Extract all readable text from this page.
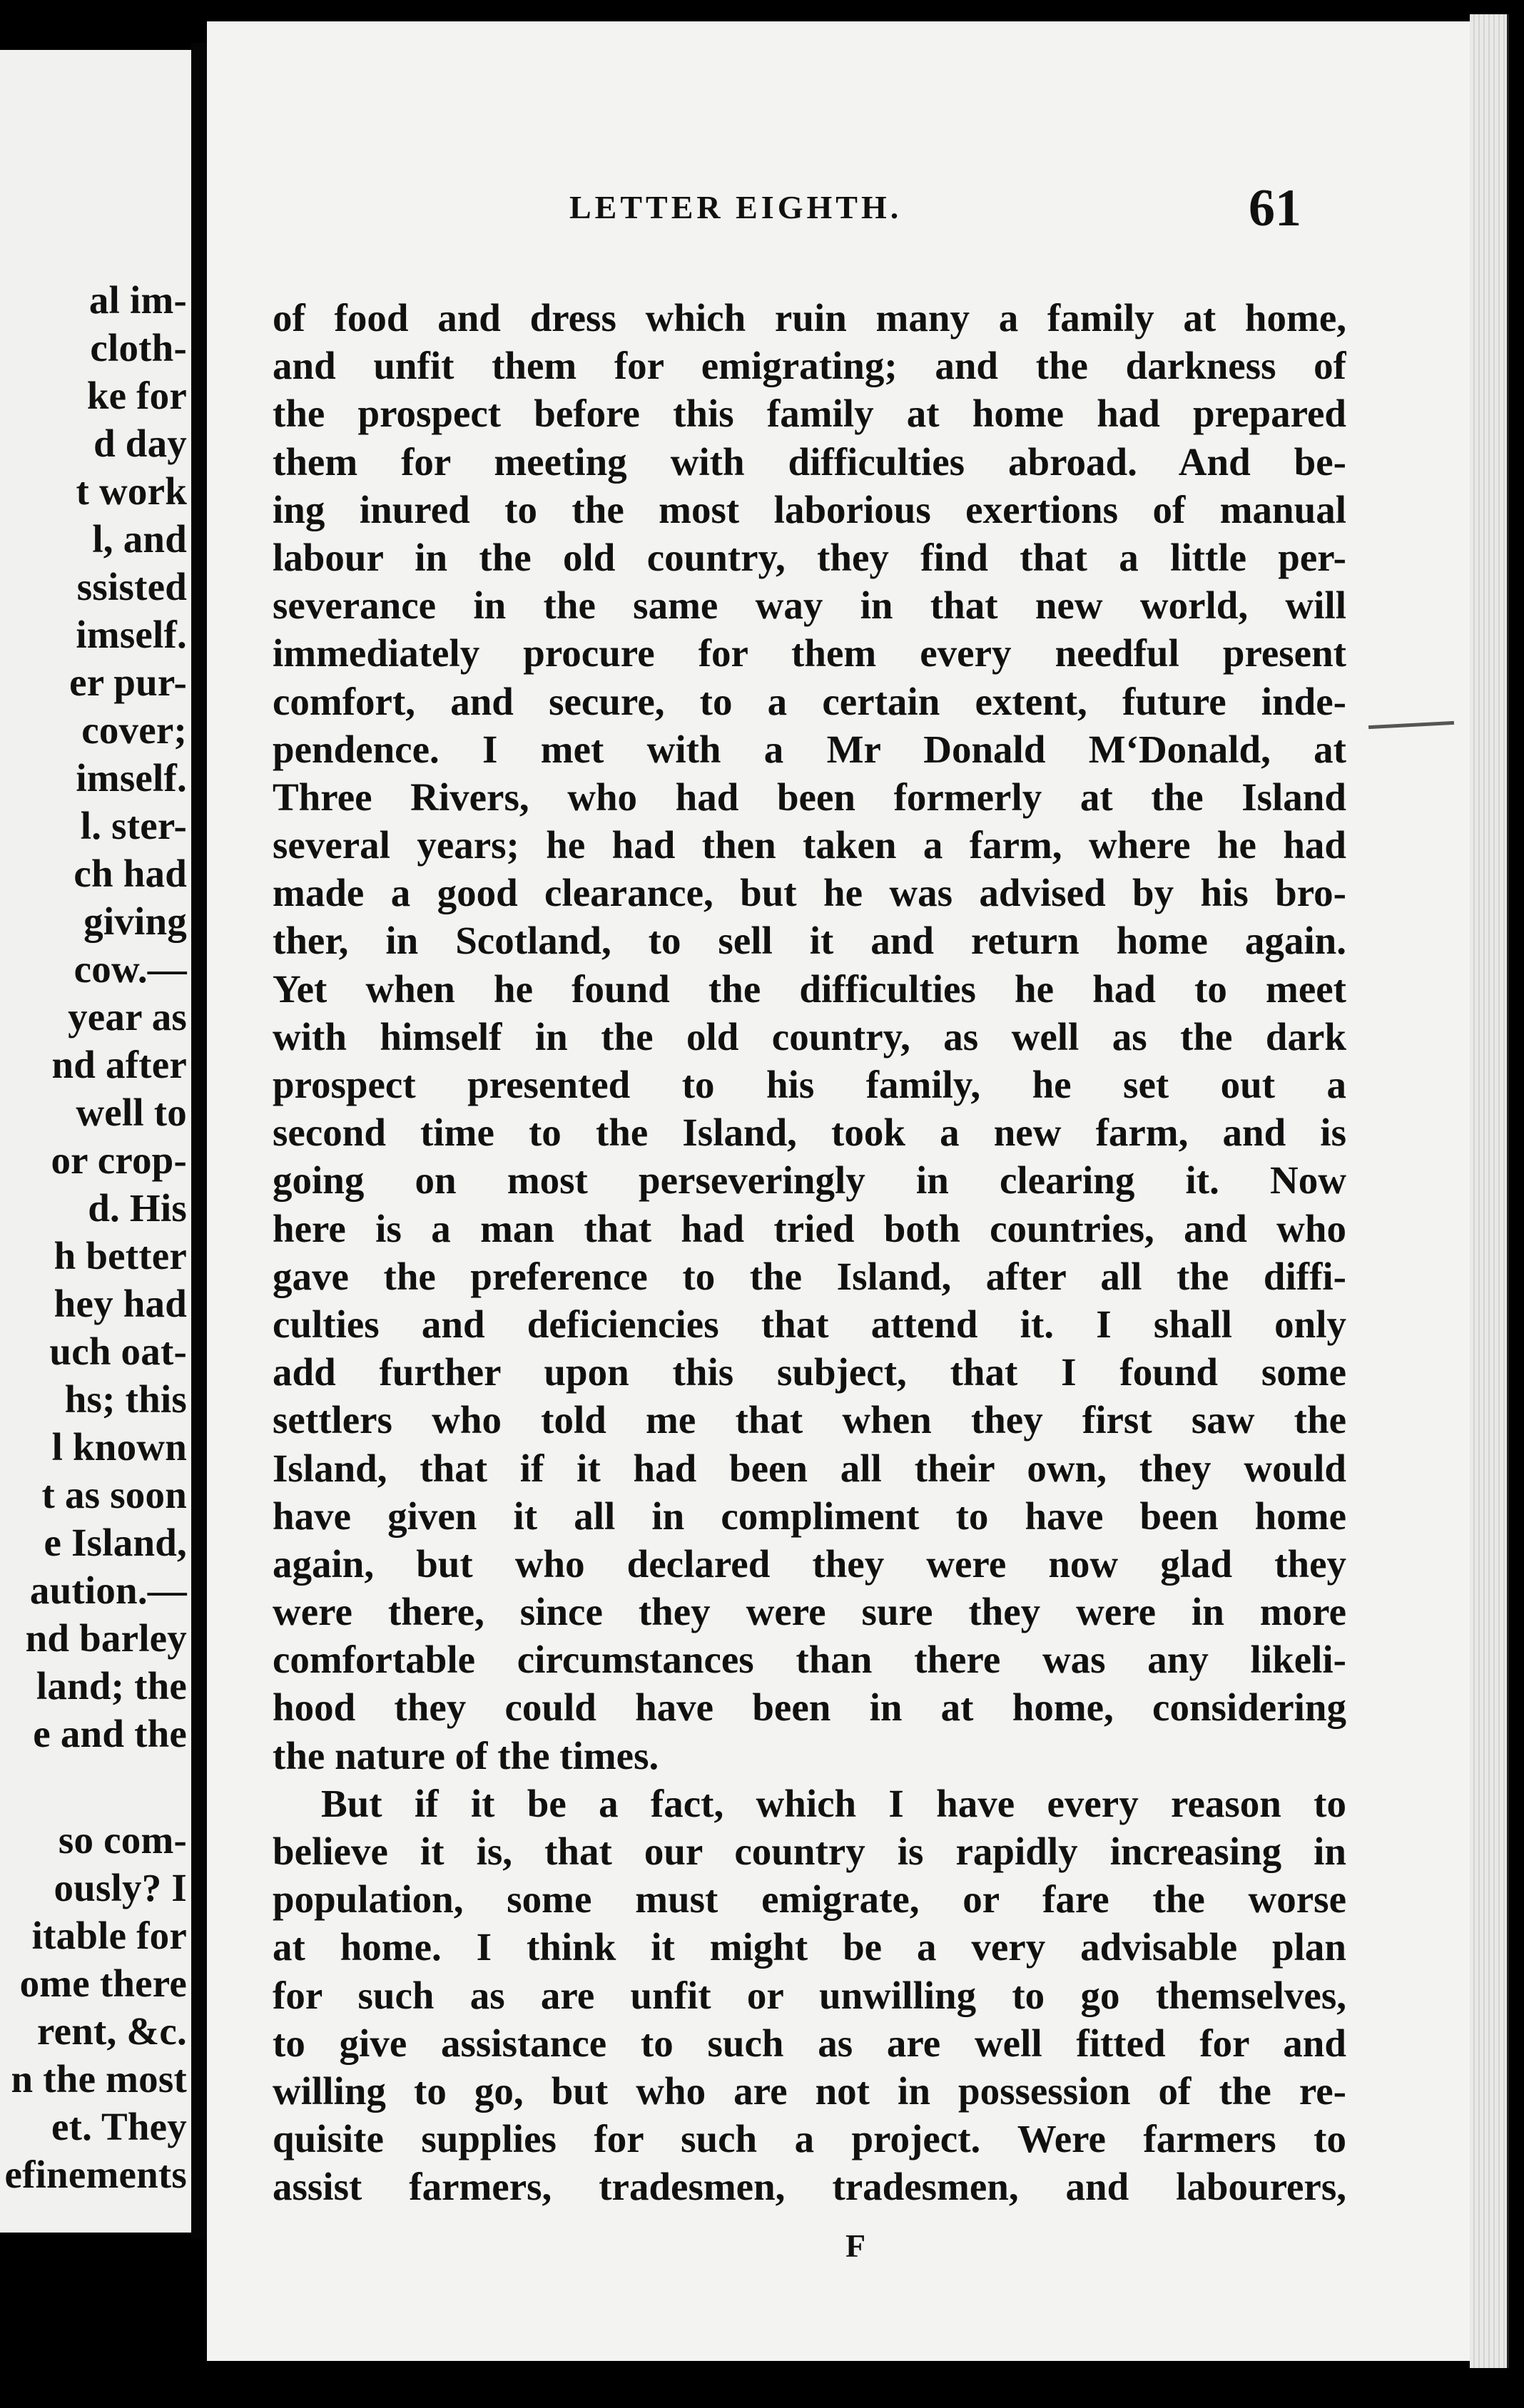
al im-
cloth-
ke for
d day
t work
l, and
ssisted
imself.
er pur-
cover;
imself.
l. ster-
ch had
giving
cow.—
year as
nd after
well to
or crop-
d. His
h better
hey had
uch oat-
hs; this
l known
t as soon
e Island,
aution.—
nd barley
land; the
e and the
so com-
ously? I
itable for
ome there
rent, &c.
n the most
et. They
efinements
LETTER EIGHTH.	61
of food and dress which ruin many a family at home,
and unfit them for emigrating; and the darkness of
the prospect before this family at home had prepared
them for meeting with difficulties abroad. And be-
ing inured to the most laborious exertions of manual
labour in the old country, they find that a little per-
severance in the same way in that new world, will
immediately procure for them every needful present
comfort, and secure, to a certain extent, future inde-
pendence. I met with a Mr Donald M‘Donald, at
Three Rivers, who had been formerly at the Island
several years; he had then taken a farm, where he had
made a good clearance, but he was advised by his bro-
ther, in Scotland, to sell it and return home again.
Yet when he found the difficulties he had to meet
with himself in the old country, as well as the dark
prospect presented to his family, he set out a
second time to the Island, took a new farm, and is
going on most perseveringly in clearing it. Now
here is a man that had tried both countries, and who
gave the preference to the Island, after all the diffi-
culties and deficiencies that attend it. I shall only
add further upon this subject, that I found some
settlers who told me that when they first saw the
Island, that if it had been all their own, they would
have given it all in compliment to have been home
again, but who declared they were now glad they
were there, since they were sure they were in more
comfortable circumstances than there was any likeli-
hood they could have been in at home, considering
the nature of the times.
But if it be a fact, which I have every reason to
believe it is, that our country is rapidly increasing in
population, some must emigrate, or fare the worse
at home. I think it might be a very advisable plan
for such as are unfit or unwilling to go themselves,
to give assistance to such as are well fitted for and
willing to go, but who are not in possession of the re-
quisite supplies for such a project. Were farmers to
assist farmers, tradesmen, tradesmen, and labourers,
F
